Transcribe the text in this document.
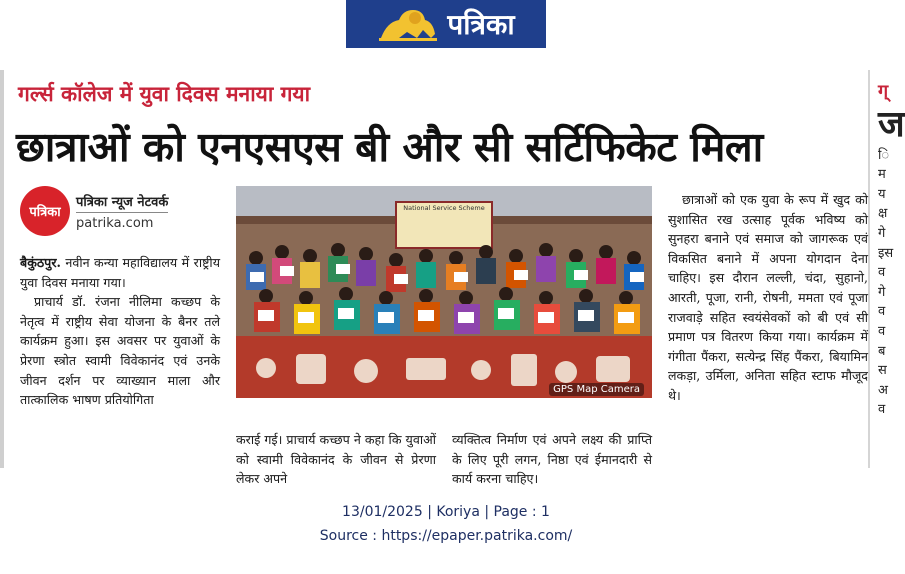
पत्रिका
गर्ल्स कॉलेज में युवा दिवस मनाया गया
छात्राओं को एनएसएस बी और सी सर्टिफिकेट मिला
पत्रिका
पत्रिका न्यूज नेटवर्क
patrika.com

बैकुंठपुर. नवीन कन्या महाविद्यालय में राष्ट्रीय युवा दिवस मनाया गया।

प्राचार्य डॉ. रंजना नीलिमा कच्छप के नेतृत्व में राष्ट्रीय सेवा योजना के बैनर तले कार्यक्रम हुआ। इस अवसर पर युवाओं के प्रेरणा स्त्रोत स्वामी विवेकानंद एवं उनके जीवन दर्शन पर व्याख्यान माला और तात्कालिक भाषण प्रतियोगिता

National Service Scheme
GPS Map Camera
कराई गई। प्राचार्य कच्छप ने कहा कि युवाओं को स्वामी विवेकानंद के जीवन से प्रेरणा लेकर अपने
व्यक्तित्व निर्माण एवं अपने लक्ष्य की प्राप्ति के लिए पूरी लगन, निष्ठा एवं ईमानदारी से कार्य करना चाहिए।
छात्राओं को एक युवा के रूप में खुद को सुशासित रख उत्साह पूर्वक भविष्य को सुनहरा बनाने एवं समाज को जागरूक एवं विकसित बनाने में अपना योगदान देना चाहिए। इस दौरान लल्ली, चंदा, सुहानो, आरती, पूजा, रानी, रोषनी, ममता एवं पूजा राजवाड़े सहित स्वयंसेवकों को बी एवं सी प्रमाण पत्र वितरण किया गया। कार्यक्रम में गंगीता पैंकरा, सत्येन्द्र सिंह पैंकरा, बियामिन लकड़ा, उर्मिला, अनिता सहित स्टाफ मौजूद थे।
ग्
ज
ि
म
य
क्ष
गे
इस
व
गे
व
व
ब
स
अ
व
13/01/2025 | Koriya | Page : 1
Source : https://epaper.patrika.com/
